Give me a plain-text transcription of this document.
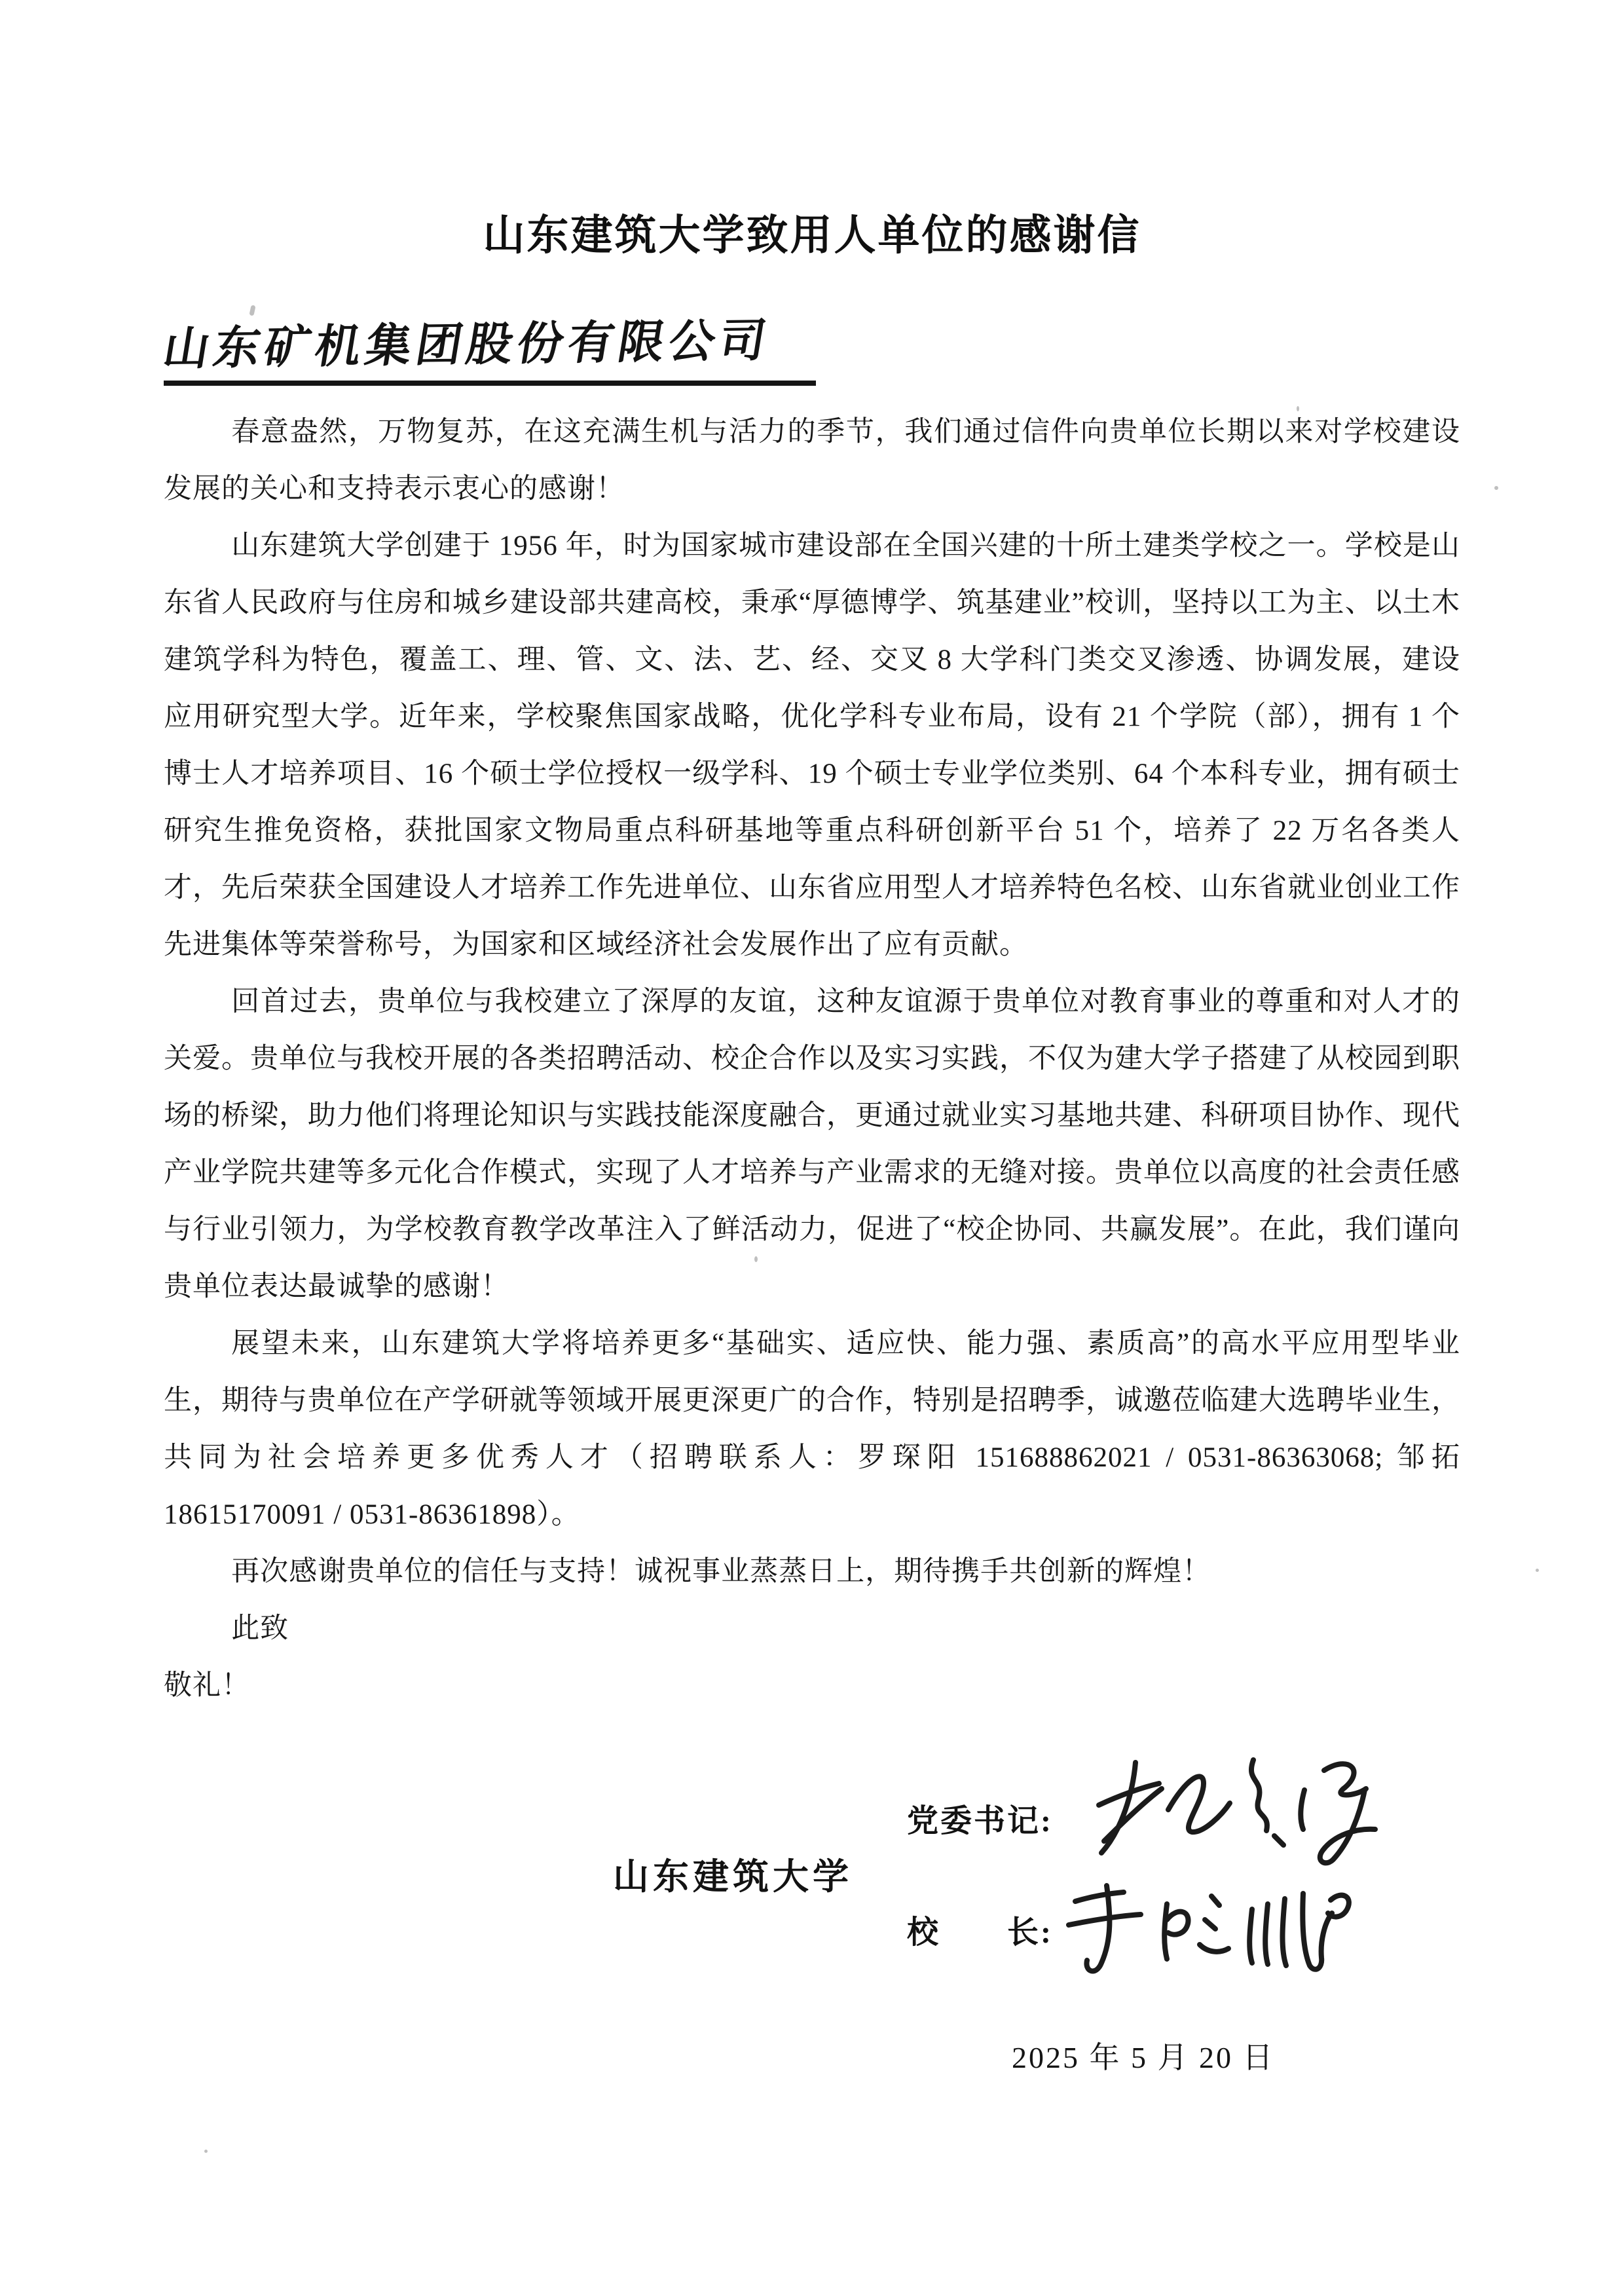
山东建筑大学致用人单位的感谢信
山东矿机集团股份有限公司

春意盎然，万物复苏，在这充满生机与活力的季节，我们通过信件向贵单位长期以来对学校建设发展的关心和支持表示衷心的感谢！

山东建筑大学创建于 1956 年，时为国家城市建设部在全国兴建的十所土建类学校之一。学校是山东省人民政府与住房和城乡建设部共建高校，秉承“厚德博学、筑基建业”校训，坚持以工为主、以土木建筑学科为特色，覆盖工、理、管、文、法、艺、经、交叉 8 大学科门类交叉渗透、协调发展，建设应用研究型大学。近年来，学校聚焦国家战略，优化学科专业布局，设有 21 个学院（部），拥有 1 个博士人才培养项目、16 个硕士学位授权一级学科、19 个硕士专业学位类别、64 个本科专业，拥有硕士研究生推免资格，获批国家文物局重点科研基地等重点科研创新平台 51 个，培养了 22 万名各类人才，先后荣获全国建设人才培养工作先进单位、山东省应用型人才培养特色名校、山东省就业创业工作先进集体等荣誉称号，为国家和区域经济社会发展作出了应有贡献。

回首过去，贵单位与我校建立了深厚的友谊，这种友谊源于贵单位对教育事业的尊重和对人才的关爱。贵单位与我校开展的各类招聘活动、校企合作以及实习实践，不仅为建大学子搭建了从校园到职场的桥梁，助力他们将理论知识与实践技能深度融合，更通过就业实习基地共建、科研项目协作、现代产业学院共建等多元化合作模式，实现了人才培养与产业需求的无缝对接。贵单位以高度的社会责任感与行业引领力，为学校教育教学改革注入了鲜活动力，促进了“校企协同、共赢发展”。在此，我们谨向贵单位表达最诚挚的感谢！

展望未来，山东建筑大学将培养更多“基础实、适应快、能力强、素质高”的高水平应用型毕业生，期待与贵单位在产学研就等领域开展更深更广的合作，特别是招聘季，诚邀莅临建大选聘毕业生，共同为社会培养更多优秀人才（招聘联系人：罗琛阳 151688862021 / 0531-86363068; 邹拓 18615170091 / 0531-86361898）。

再次感谢贵单位的信任与支持！诚祝事业蒸蒸日上，期待携手共创新的辉煌！

此致

敬礼！

山东建筑大学
党委书记:
校　　长:
2025 年 5 月 20 日
